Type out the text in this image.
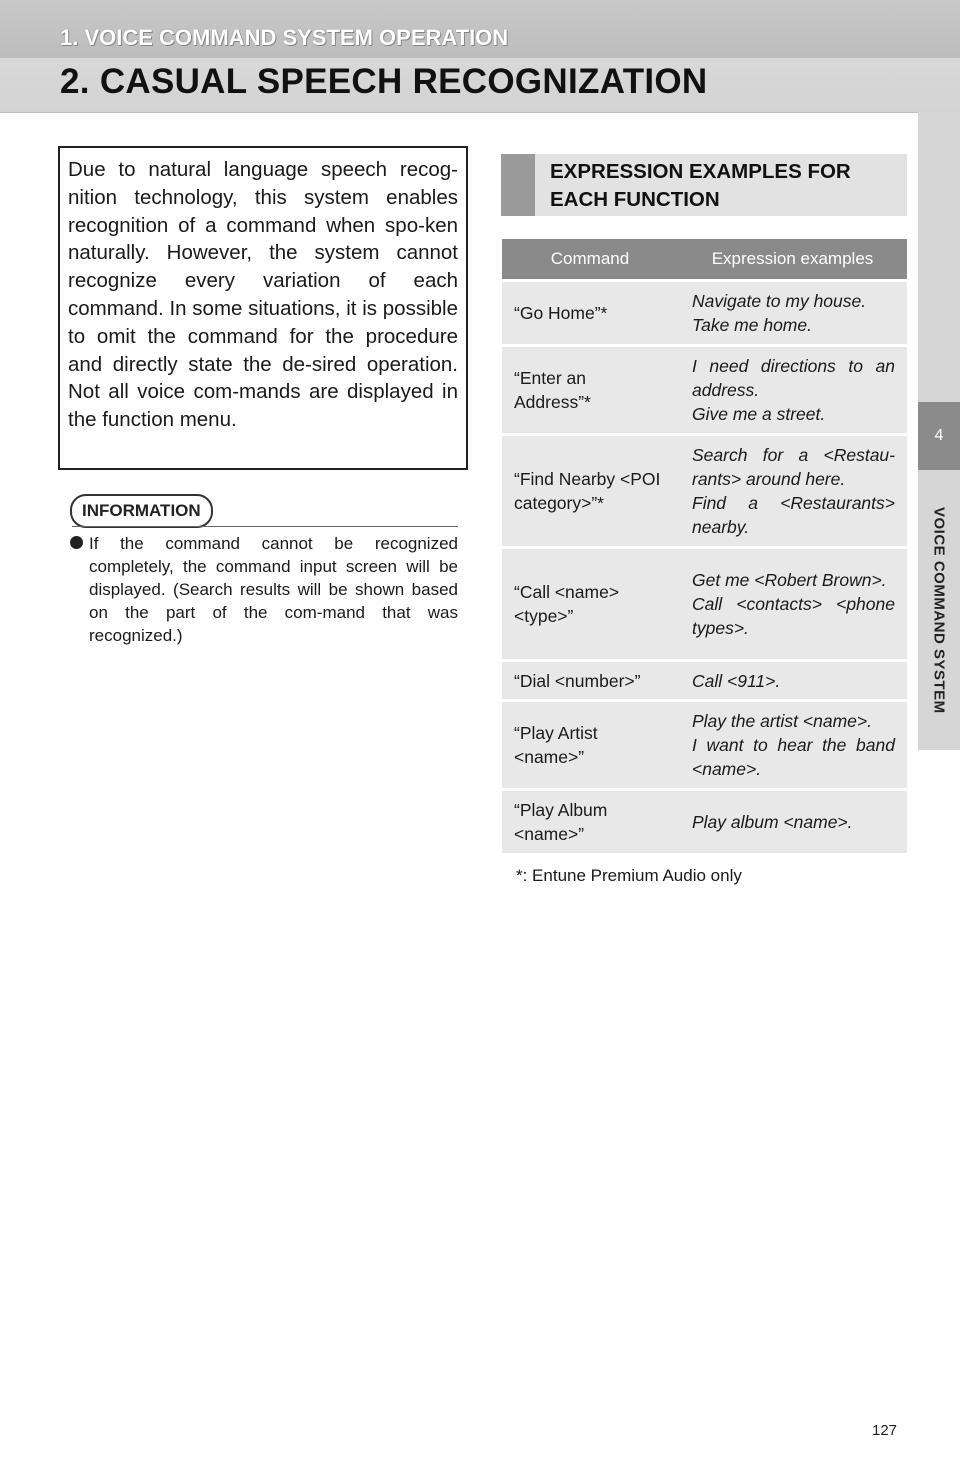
1. VOICE COMMAND SYSTEM OPERATION
2. CASUAL SPEECH RECOGNIZATION
4
VOICE COMMAND SYSTEM

Due to natural language speech recog-nition technology, this system enables recognition of a command when spo-ken naturally. However, the system cannot recognize every variation of each command. In some situations, it is possible to omit the command for the procedure and directly state the de-sired operation. Not all voice com-mands are displayed in the function menu.

INFORMATION

If the command cannot be recognized completely, the command input screen will be displayed. (Search results will be shown based on the part of the com-mand that was recognized.)

EXPRESSION EXAMPLES FOR EACH FUNCTION
Command	Expression examples
“Go Home”*	Navigate to my house.
Take me home.

“Enter an Address”*	I need directions to an address.
Give me a street.

“Find Nearby <POI category>”*	Search for a <Restau-rants> around here.
Find a <Restaurants> nearby.

“Call <name> <type>”	Get me <Robert Brown>.
Call <contacts> <phone types>.

“Dial <number>”	Call <911>.

“Play Artist <name>”	Play the artist <name>.
I want to hear the band <name>.

“Play Album <name>”	Play album <name>.
*: Entune Premium Audio only
127
